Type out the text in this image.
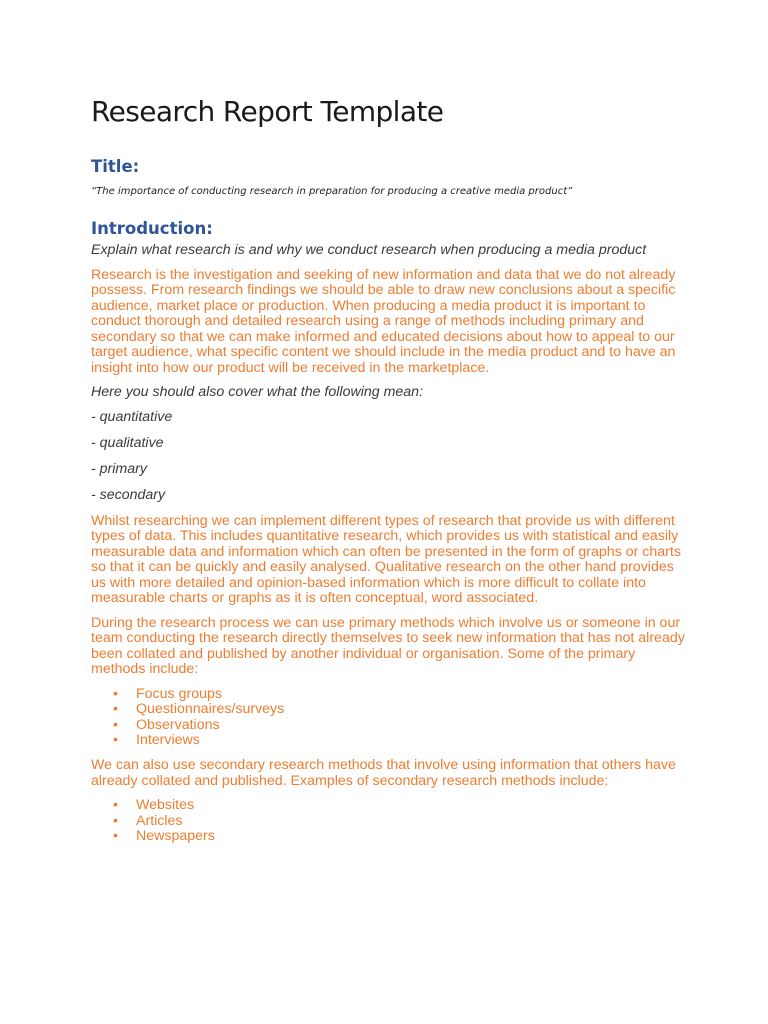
Research Report Template
Title:

“The importance of conducting research in preparation for producing a creative media product”

Introduction:

Explain what research is and why we conduct research when producing a media product

Research is the investigation and seeking of new information and data that we do not already possess. From research findings we should be able to draw new conclusions about a specific audience, market place or production. When producing a media product it is important to conduct thorough and detailed research using a range of methods including primary and secondary so that we can make informed and educated decisions about how to appeal to our target audience, what specific content we should include in the media product and to have an insight into how our product will be received in the marketplace.

Here you should also cover what the following mean:

- quantitative

- qualitative

- primary

- secondary

Whilst researching we can implement different types of research that provide us with different types of data. This includes quantitative research, which provides us with statistical and easily measurable data and information which can often be presented in the form of graphs or charts so that it can be quickly and easily analysed. Qualitative research on the other hand provides us with more detailed and opinion-based information which is more difficult to collate into measurable charts or graphs as it is often conceptual, word associated.

During the research process we can use primary methods which involve us or someone in our team conducting the research directly themselves to seek new information that has not already been collated and published by another individual or organisation. Some of the primary methods include:

• Focus groups
• Questionnaires/surveys
• Observations
• Interviews

We can also use secondary research methods that involve using information that others have already collated and published. Examples of secondary research methods include:

• Websites
• Articles
• Newspapers
